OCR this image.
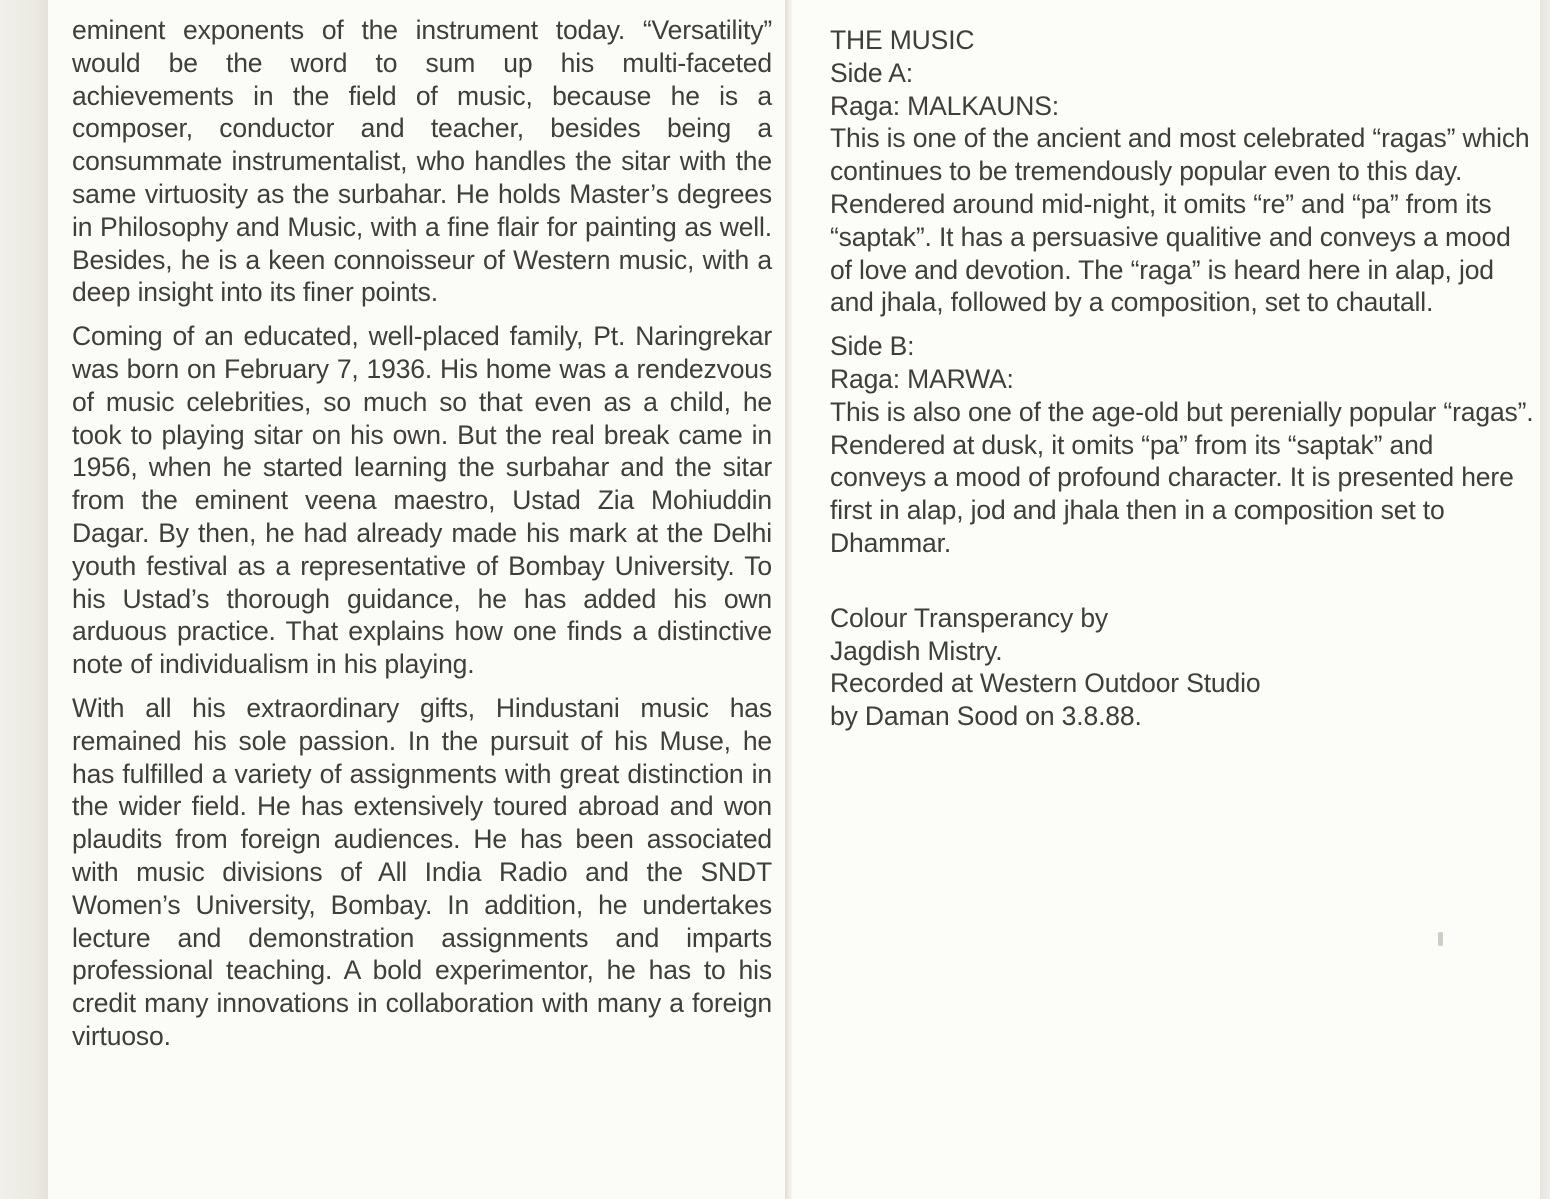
eminent exponents of the instrument today. “Versatility” would be the word to sum up his multi-faceted achievements in the field of music, because he is a composer, conductor and teacher, besides being a consummate instrumentalist, who handles the sitar with the same virtuosity as the surbahar. He holds Master’s degrees in Philosophy and Music, with a fine flair for painting as well. Besides, he is a keen connoisseur of Western music, with a deep insight into its finer points.

Coming of an educated, well-placed family, Pt. Naringrekar was born on February 7, 1936. His home was a rendezvous of music celebrities, so much so that even as a child, he took to playing sitar on his own. But the real break came in 1956, when he started learning the surbahar and the sitar from the eminent veena maestro, Ustad Zia Mohiuddin Dagar. By then, he had already made his mark at the Delhi youth festival as a representative of Bombay University. To his Ustad’s thorough guidance, he has added his own arduous practice. That explains how one finds a distinctive note of individualism in his playing.

With all his extraordinary gifts, Hindustani music has remained his sole passion. In the pursuit of his Muse, he has fulfilled a variety of assignments with great distinction in the wider field. He has extensively toured abroad and won plaudits from foreign audiences. He has been associated with music divisions of All India Radio and the SNDT Women’s University, Bombay. In addition, he undertakes lecture and demonstration assignments and imparts professional teaching. A bold experimentor, he has to his credit many innovations in collaboration with many a foreign virtuoso.

THE MUSIC
Side A:
Raga: MALKAUNS:

This is one of the ancient and most celebrated “ragas” which continues to be tremendously popular even to this day. Rendered around mid-night, it omits “re” and “pa” from its “saptak”. It has a persuasive qualitive and conveys a mood of love and devotion. The “raga” is heard here in alap, jod and jhala, followed by a composition, set to chautall.

Side B:
Raga: MARWA:

This is also one of the age-old but perenially popular “ragas”. Rendered at dusk, it omits “pa” from its “saptak” and conveys a mood of profound character. It is presented here first in alap, jod and jhala then in a composition set to Dhammar.

Colour Transperancy by
Jagdish Mistry.
Recorded at Western Outdoor Studio
by Daman Sood on 3.8.88.
